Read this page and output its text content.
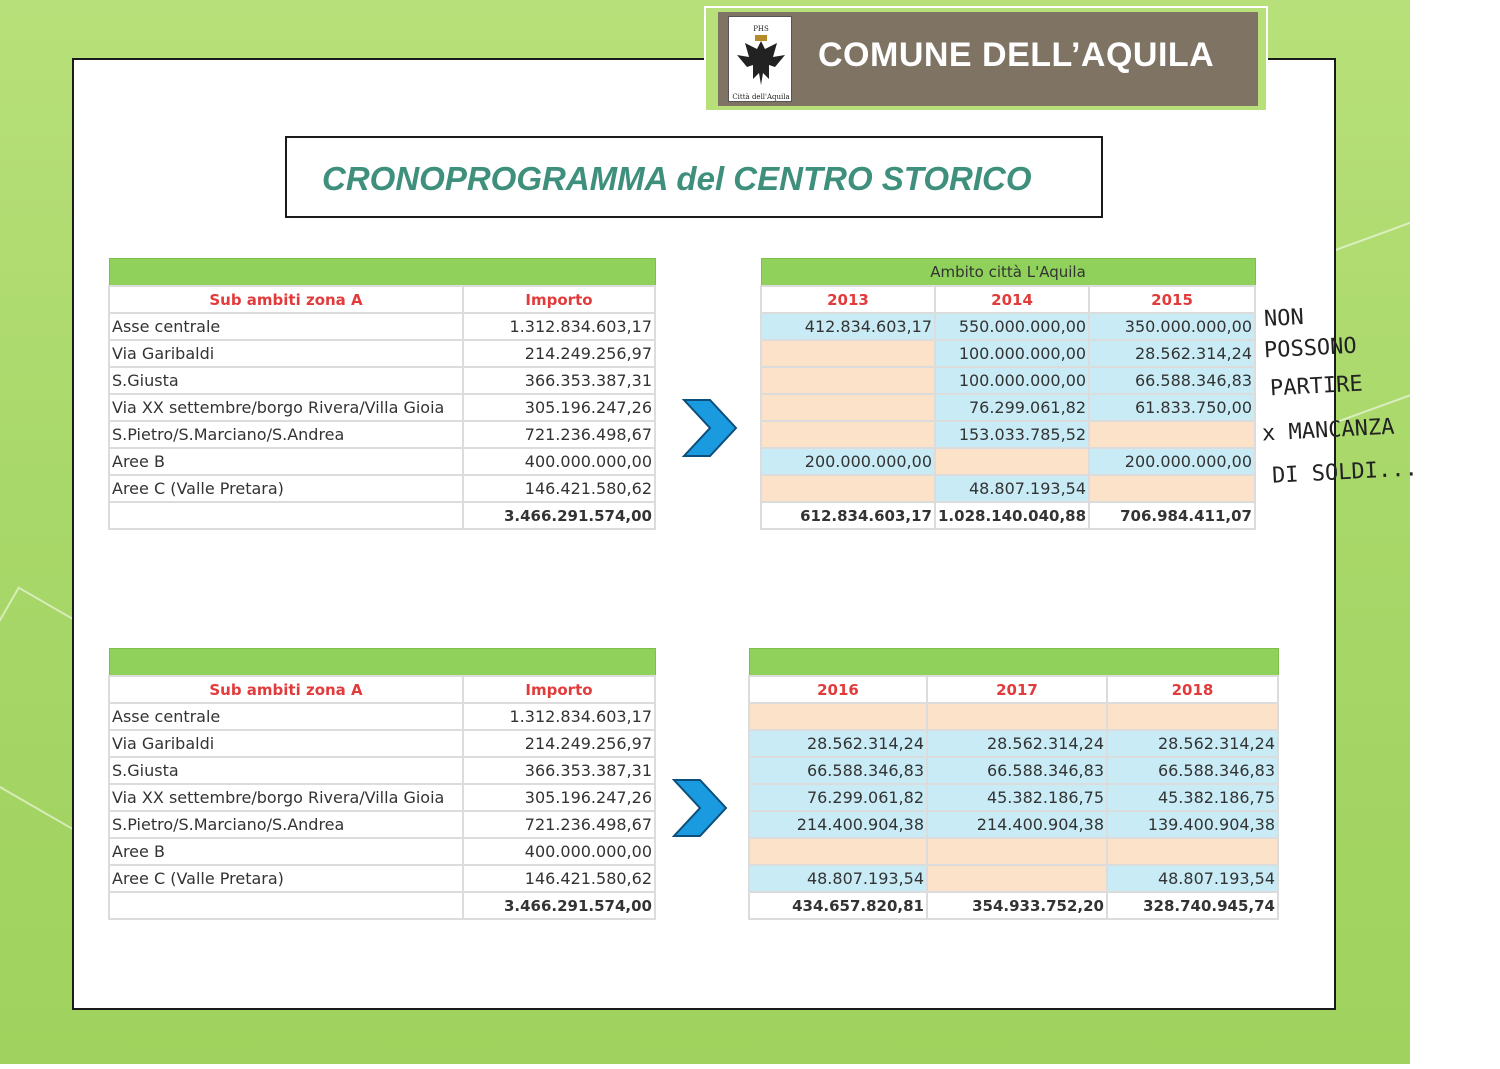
PHS
Città dell'Aquila
COMUNE DELL’AQUILA
CRONOPROGRAMMA del CENTRO STORICO

Sub ambiti zona A	Importo
Asse centrale	1.312.834.603,17
Via Garibaldi	214.249.256,97
S.Giusta	366.353.387,31
Via XX settembre/borgo Rivera/Villa Gioia	305.196.247,26
S.Pietro/S.Marciano/S.Andrea	721.236.498,67
Aree B	400.000.000,00
Aree C (Valle Pretara)	146.421.580,62
	3.466.291.574,00
Ambito città L'Aquila		
2013	2014	2015
412.834.603,17	550.000.000,00	350.000.000,00
	100.000.000,00	28.562.314,24
	100.000.000,00	66.588.346,83
	76.299.061,82	61.833.750,00
	153.033.785,52	
200.000.000,00		200.000.000,00
	48.807.193,54	
612.834.603,17	1.028.140.040,88	706.984.411,07

Sub ambiti zona A	Importo
Asse centrale	1.312.834.603,17
Via Garibaldi	214.249.256,97
S.Giusta	366.353.387,31
Via XX settembre/borgo Rivera/Villa Gioia	305.196.247,26
S.Pietro/S.Marciano/S.Andrea	721.236.498,67
Aree B	400.000.000,00
Aree C (Valle Pretara)	146.421.580,62
	3.466.291.574,00

2016	2017	2018

28.562.314,24	28.562.314,24	28.562.314,24
66.588.346,83	66.588.346,83	66.588.346,83
76.299.061,82	45.382.186,75	45.382.186,75
214.400.904,38	214.400.904,38	139.400.904,38

48.807.193,54		48.807.193,54
434.657.820,81	354.933.752,20	328.740.945,74
NON
POSSONO
PARTIRE
x MANCANZA
DI SOLDI...
